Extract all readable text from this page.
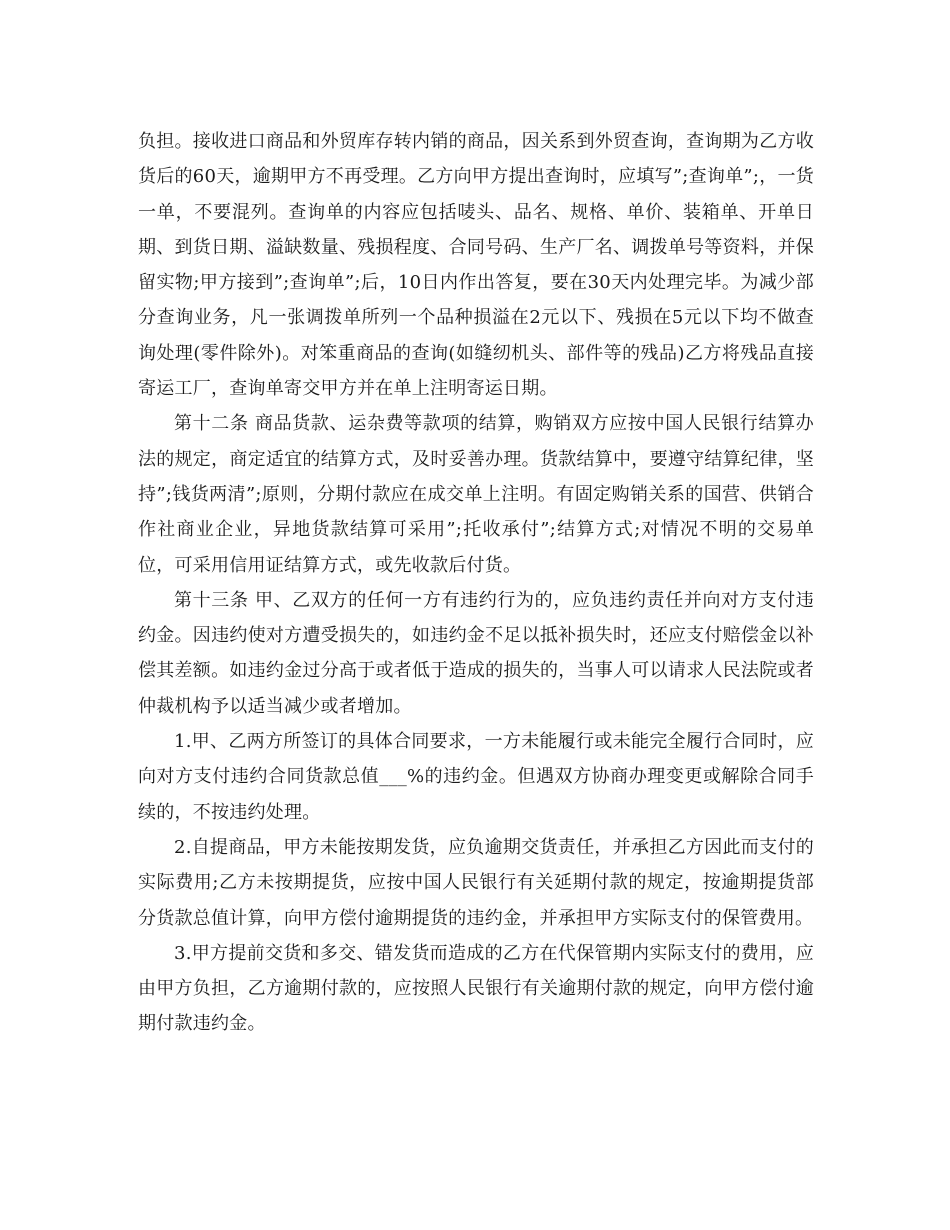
负担。接收进口商品和外贸库存转内销的商品，因关系到外贸查询，查询期为乙方收货后的60天，逾期甲方不再受理。乙方向甲方提出查询时，应填写”;查询单”;，一货一单，不要混列。查询单的内容应包括唛头、品名、规格、单价、装箱单、开单日期、到货日期、溢缺数量、残损程度、合同号码、生产厂名、调拨单号等资料，并保留实物;甲方接到”;查询单”;后，10日内作出答复，要在30天内处理完毕。为减少部分查询业务，凡一张调拨单所列一个品种损溢在2元以下、残损在5元以下均不做查询处理(零件除外)。对笨重商品的查询(如缝纫机头、部件等的残品)乙方将残品直接寄运工厂，查询单寄交甲方并在单上注明寄运日期。

第十二条 商品货款、运杂费等款项的结算，购销双方应按中国人民银行结算办法的规定，商定适宜的结算方式，及时妥善办理。货款结算中，要遵守结算纪律，坚持”;钱货两清”;原则，分期付款应在成交单上注明。有固定购销关系的国营、供销合作社商业企业，异地货款结算可采用”;托收承付”;结算方式;对情况不明的交易单位，可采用信用证结算方式，或先收款后付货。

第十三条 甲、乙双方的任何一方有违约行为的，应负违约责任并向对方支付违约金。因违约使对方遭受损失的，如违约金不足以抵补损失时，还应支付赔偿金以补偿其差额。如违约金过分高于或者低于造成的损失的，当事人可以请求人民法院或者仲裁机构予以适当减少或者增加。

1.甲、乙两方所签订的具体合同要求，一方未能履行或未能完全履行合同时，应向对方支付违约合同货款总值___%的违约金。但遇双方协商办理变更或解除合同手续的，不按违约处理。

2.自提商品，甲方未能按期发货，应负逾期交货责任，并承担乙方因此而支付的实际费用;乙方未按期提货，应按中国人民银行有关延期付款的规定，按逾期提货部分货款总值计算，向甲方偿付逾期提货的违约金，并承担甲方实际支付的保管费用。

3.甲方提前交货和多交、错发货而造成的乙方在代保管期内实际支付的费用，应由甲方负担，乙方逾期付款的，应按照人民银行有关逾期付款的规定，向甲方偿付逾期付款违约金。
